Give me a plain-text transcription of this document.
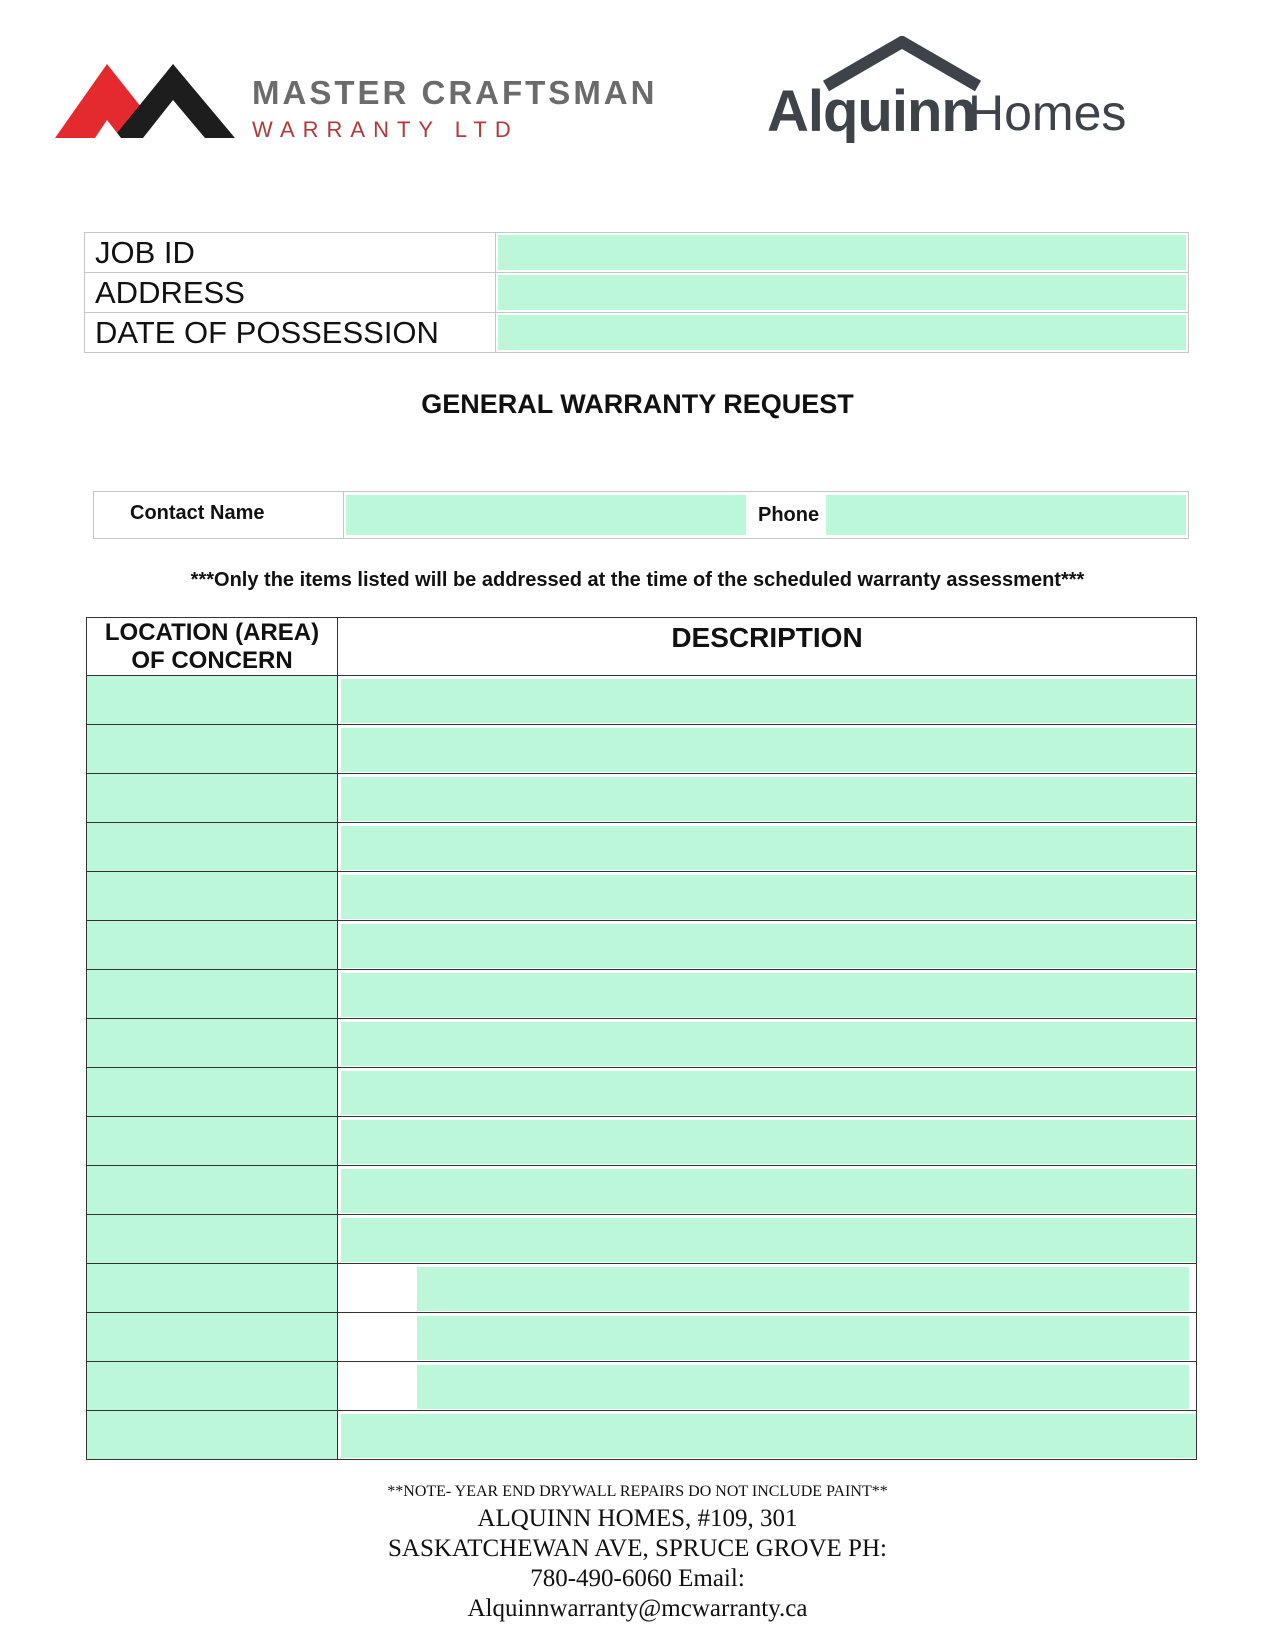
MASTER CRAFTSMAN
WARRANTY LTD	Alquinn
Homes
JOB ID
ADDRESS
DATE OF POSSESSION
GENERAL WARRANTY REQUEST
Contact Name	Phone
***Only the items listed will be addressed at the time of the scheduled warranty assessment***
LOCATION (AREA)
OF CONCERN
DESCRIPTION
**NOTE- YEAR END DRYWALL REPAIRS DO NOT INCLUDE PAINT**
ALQUINN HOMES, #109, 301
SASKATCHEWAN AVE, SPRUCE GROVE PH:
780-490-6060 Email:
Alquinnwarranty@mcwarranty.ca
